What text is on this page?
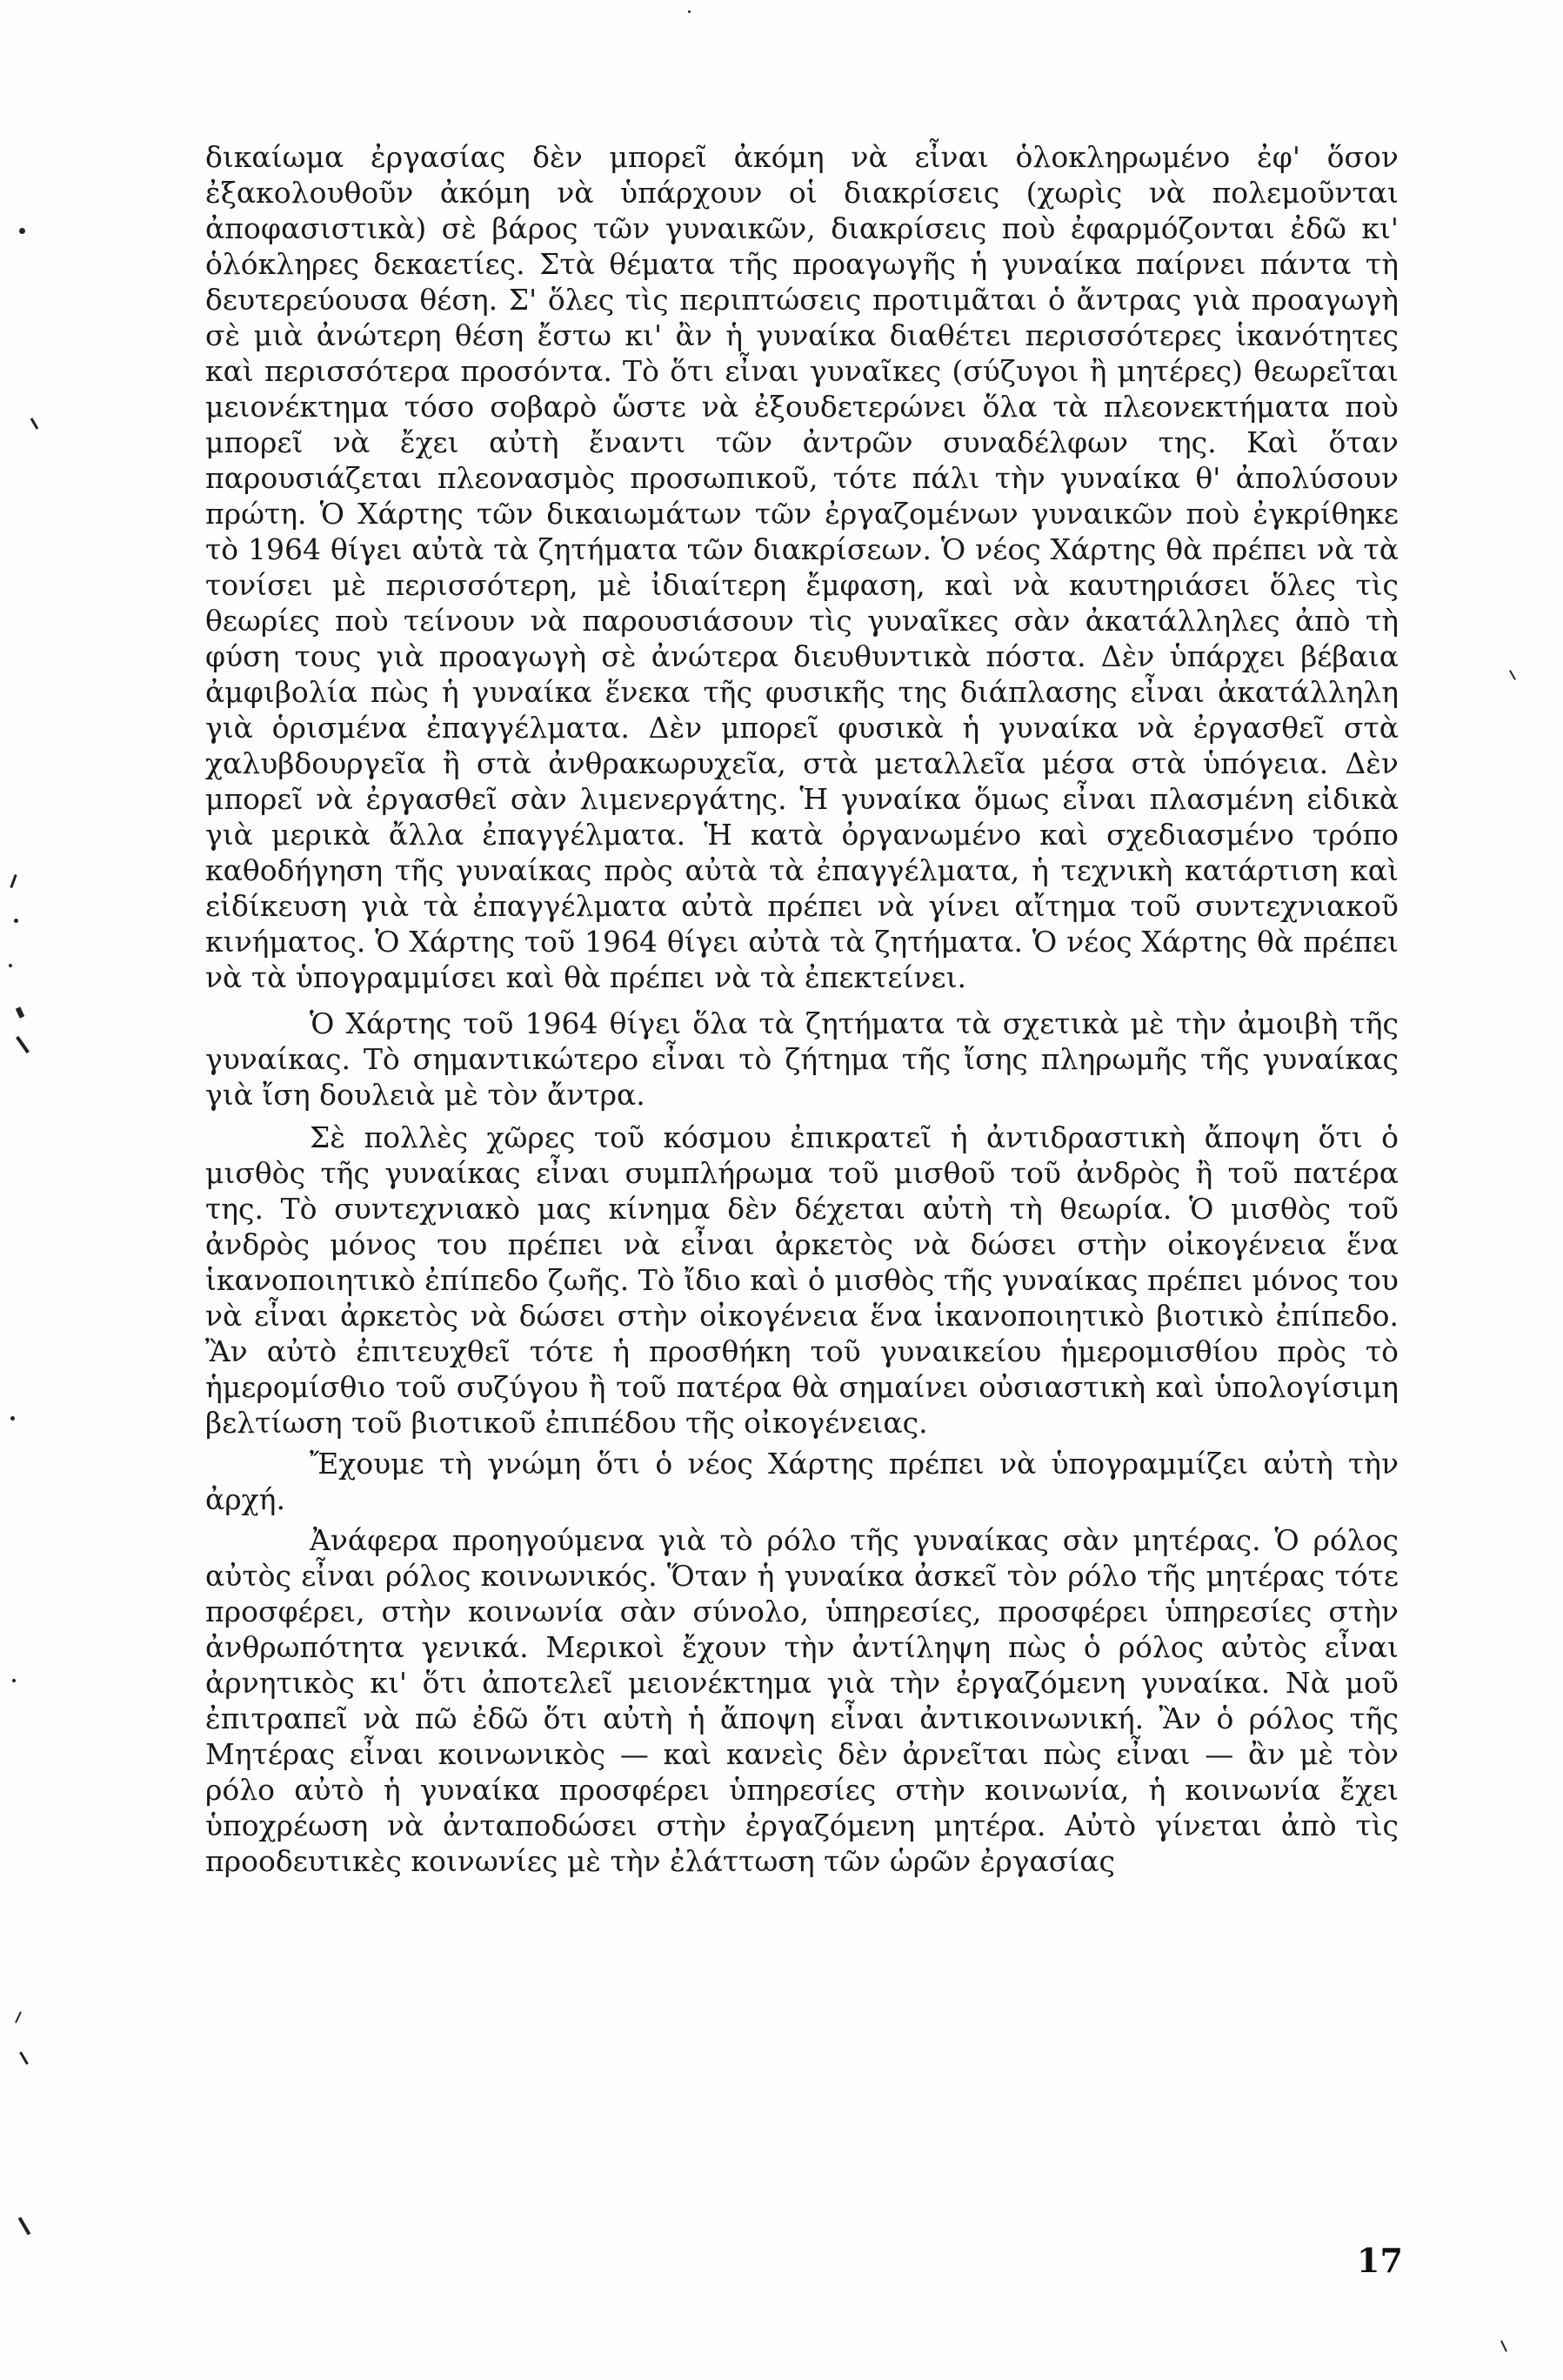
δικαίωμα ἐργασίας δὲν μπορεῖ ἀκόμη νὰ εἶναι ὁλοκληρωμένο ἐφ' ὅσον ἐξακολουθοῦν ἀκόμη νὰ ὑπάρχουν οἱ διακρίσεις (χωρὶς νὰ πολεμοῦνται ἀποφασιστικὰ) σὲ βάρος τῶν γυναικῶν, διακρίσεις ποὺ ἐφαρμόζονται ἐδῶ κι' ὁλόκληρες δεκαετίες. Στὰ θέματα τῆς προαγωγῆς ἡ γυναίκα παίρνει πάντα τὴ δευτερεύουσα θέση. Σ' ὅλες τὶς περιπτώσεις προτιμᾶται ὁ ἄντρας γιὰ προαγωγὴ σὲ μιὰ ἀνώτερη θέση ἔστω κι' ἂν ἡ γυναίκα διαθέτει περισσότερες ἱκανότητες καὶ περισσότερα προσόντα. Τὸ ὅτι εἶναι γυναῖκες (σύζυγοι ἢ μητέρες) θεωρεῖται μειονέκτημα τόσο σοβαρὸ ὥστε νὰ ἐξουδετερώνει ὅλα τὰ πλεονεκτήματα ποὺ μπορεῖ νὰ ἔχει αὐτὴ ἔναντι τῶν ἀντρῶν συναδέλφων της. Καὶ ὅταν παρουσιάζεται πλεονασμὸς προσωπικοῦ, τότε πάλι τὴν γυναίκα θ' ἀπολύσουν πρώτη. Ὁ Χάρτης τῶν δικαιωμάτων τῶν ἐργαζομένων γυναικῶν ποὺ ἐγκρίθηκε τὸ 1964 θίγει αὐτὰ τὰ ζητήματα τῶν διακρίσεων. Ὁ νέος Χάρτης θὰ πρέπει νὰ τὰ τονίσει μὲ περισσότερη, μὲ ἰδιαίτερη ἔμφαση, καὶ νὰ καυτηριάσει ὅλες τὶς θεωρίες ποὺ τείνουν νὰ παρουσιάσουν τὶς γυναῖκες σὰν ἀκατάλληλες ἀπὸ τὴ φύση τους γιὰ προαγωγὴ σὲ ἀνώτερα διευθυντικὰ πόστα. Δὲν ὑπάρχει βέβαια ἀμφιβολία πὼς ἡ γυναίκα ἕνεκα τῆς φυσικῆς της διάπλασης εἶναι ἀκατάλληλη γιὰ ὁρισμένα ἐπαγγέλματα. Δὲν μπορεῖ φυσικὰ ἡ γυναίκα νὰ ἐργασθεῖ στὰ χαλυβδουργεῖα ἢ στὰ ἀνθρακωρυχεῖα, στὰ μεταλλεῖα μέσα στὰ ὑπόγεια. Δὲν μπορεῖ νὰ ἐργασθεῖ σὰν λιμενεργάτης. Ἡ γυναίκα ὅμως εἶναι πλασμένη εἰδικὰ γιὰ μερικὰ ἄλλα ἐπαγγέλματα. Ἡ κατὰ ὀργανωμένο καὶ σχεδιασμένο τρόπο καθοδήγηση τῆς γυναίκας πρὸς αὐτὰ τὰ ἐπαγγέλματα, ἡ τεχνικὴ κατάρτιση καὶ εἰδίκευση γιὰ τὰ ἐπαγγέλματα αὐτὰ πρέπει νὰ γίνει αἴτημα τοῦ συντεχνιακοῦ κινήματος. Ὁ Χάρτης τοῦ 1964 θίγει αὐτὰ τὰ ζητήματα. Ὁ νέος Χάρτης θὰ πρέπει νὰ τὰ ὑπογραμμίσει καὶ θὰ πρέπει νὰ τὰ ἐπεκτείνει.

Ὁ Χάρτης τοῦ 1964 θίγει ὅλα τὰ ζητήματα τὰ σχετικὰ μὲ τὴν ἀμοιβὴ τῆς γυναίκας. Τὸ σημαντικώτερο εἶναι τὸ ζήτημα τῆς ἴσης πληρωμῆς τῆς γυναίκας γιὰ ἴση δουλειὰ μὲ τὸν ἄντρα.

Σὲ πολλὲς χῶρες τοῦ κόσμου ἐπικρατεῖ ἡ ἀντιδραστικὴ ἄποψη ὅτι ὁ μισθὸς τῆς γυναίκας εἶναι συμπλήρωμα τοῦ μισθοῦ τοῦ ἀνδρὸς ἢ τοῦ πατέρα της. Τὸ συντεχνιακὸ μας κίνημα δὲν δέχεται αὐτὴ τὴ θεωρία. Ὁ μισθὸς τοῦ ἀνδρὸς μόνος του πρέπει νὰ εἶναι ἀρκετὸς νὰ δώσει στὴν οἰκογένεια ἕνα ἱκανοποιητικὸ ἐπίπεδο ζωῆς. Τὸ ἴδιο καὶ ὁ μισθὸς τῆς γυναίκας πρέπει μόνος του νὰ εἶναι ἀρκετὸς νὰ δώσει στὴν οἰκογένεια ἕνα ἱκανοποιητικὸ βιοτικὸ ἐπίπεδο. Ἂν αὐτὸ ἐπιτευχθεῖ τότε ἡ προσθήκη τοῦ γυναικείου ἡμερομισθίου πρὸς τὸ ἡμερομίσθιο τοῦ συζύγου ἢ τοῦ πατέρα θὰ σημαίνει οὐσιαστικὴ καὶ ὑπολογίσιμη βελτίωση τοῦ βιοτικοῦ ἐπιπέδου τῆς οἰκογένειας.

Ἔχουμε τὴ γνώμη ὅτι ὁ νέος Χάρτης πρέπει νὰ ὑπογραμμίζει αὐτὴ τὴν ἀρχή.

Ἀνάφερα προηγούμενα γιὰ τὸ ρόλο τῆς γυναίκας σὰν μητέρας. Ὁ ρόλος αὐτὸς εἶναι ρόλος κοινωνικός. Ὅταν ἡ γυναίκα ἀσκεῖ τὸν ρόλο τῆς μητέρας τότε προσφέρει, στὴν κοινωνία σὰν σύνολο, ὑπηρεσίες, προσφέρει ὑπηρεσίες στὴν ἀνθρωπότητα γενικά. Μερικοὶ ἔχουν τὴν ἀντίληψη πὼς ὁ ρόλος αὐτὸς εἶναι ἀρνητικὸς κι' ὅτι ἀποτελεῖ μειονέκτημα γιὰ τὴν ἐργαζόμενη γυναίκα. Νὰ μοῦ ἐπιτραπεῖ νὰ πῶ ἐδῶ ὅτι αὐτὴ ἡ ἄποψη εἶναι ἀντικοινωνική. Ἂν ὁ ρόλος τῆς Μητέρας εἶναι κοινωνικὸς — καὶ κανεὶς δὲν ἀρνεῖται πὼς εἶναι — ἂν μὲ τὸν ρόλο αὐτὸ ἡ γυναίκα προσφέρει ὑπηρεσίες στὴν κοινωνία, ἡ κοινωνία ἔχει ὑποχρέωση νὰ ἀνταποδώσει στὴν ἐργαζόμενη μητέρα. Αὐτὸ γίνεται ἀπὸ τὶς προοδευτικὲς κοινωνίες μὲ τὴν ἐλάττωση τῶν ὡρῶν ἐργασίας

17
